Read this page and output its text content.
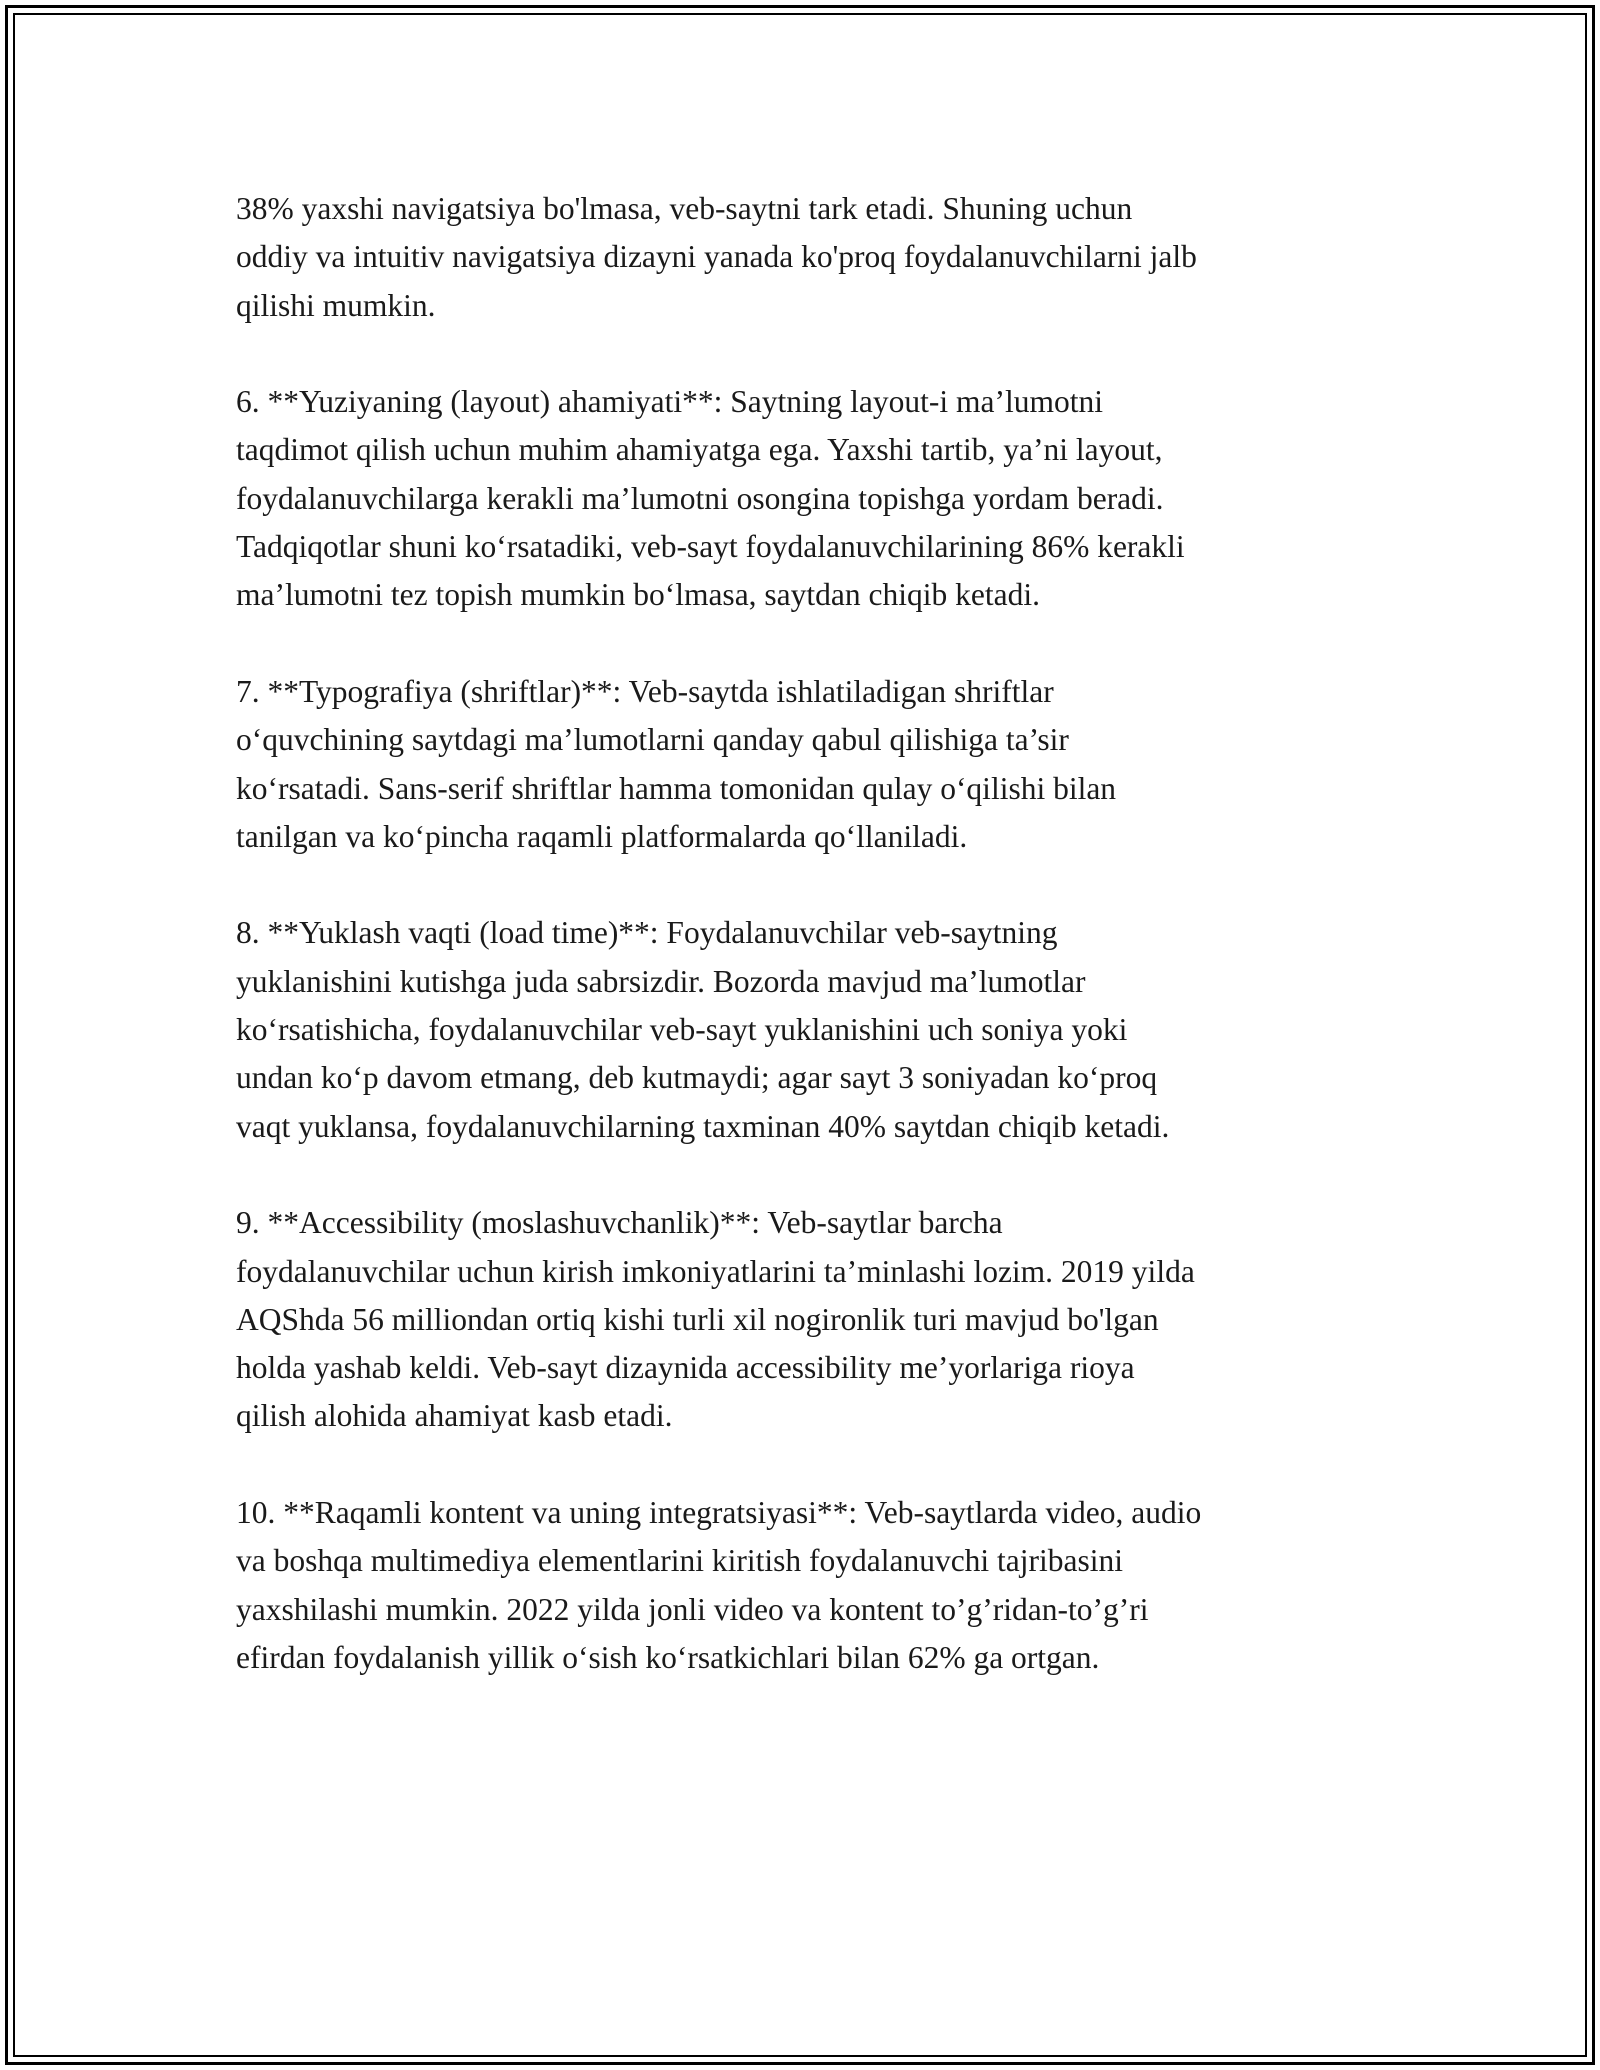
38% yaxshi navigatsiya bo'lmasa, veb-saytni tark etadi. Shuning uchun
oddiy va intuitiv navigatsiya dizayni yanada ko'proq foydalanuvchilarni jalb
qilishi mumkin.

6. **Yuziyaning (layout) ahamiyati**: Saytning layout-i ma’lumotni
taqdimot qilish uchun muhim ahamiyatga ega. Yaxshi tartib, ya’ni layout,
foydalanuvchilarga kerakli ma’lumotni osongina topishga yordam beradi.
Tadqiqotlar shuni koʻrsatadiki, veb-sayt foydalanuvchilarining 86% kerakli
ma’lumotni tez topish mumkin boʻlmasa, saytdan chiqib ketadi.

7. **Typografiya (shriftlar)**: Veb-saytda ishlatiladigan shriftlar
oʻquvchining saytdagi ma’lumotlarni qanday qabul qilishiga ta’sir
koʻrsatadi. Sans-serif shriftlar hamma tomonidan qulay oʻqilishi bilan
tanilgan va koʻpincha raqamli platformalarda qoʻllaniladi.

8. **Yuklash vaqti (load time)**: Foydalanuvchilar veb-saytning
yuklanishini kutishga juda sabrsizdir. Bozorda mavjud ma’lumotlar
koʻrsatishicha, foydalanuvchilar veb-sayt yuklanishini uch soniya yoki
undan koʻp davom etmang, deb kutmaydi; agar sayt 3 soniyadan koʻproq
vaqt yuklansa, foydalanuvchilarning taxminan 40% saytdan chiqib ketadi.

9. **Accessibility (moslashuvchanlik)**: Veb-saytlar barcha
foydalanuvchilar uchun kirish imkoniyatlarini ta’minlashi lozim. 2019 yilda
AQShda 56 milliondan ortiq kishi turli xil nogironlik turi mavjud bo'lgan
holda yashab keldi. Veb-sayt dizaynida accessibility me’yorlariga rioya
qilish alohida ahamiyat kasb etadi.

10. **Raqamli kontent va uning integratsiyasi**: Veb-saytlarda video, audio
va boshqa multimediya elementlarini kiritish foydalanuvchi tajribasini
yaxshilashi mumkin. 2022 yilda jonli video va kontent to’g’ridan-to’g’ri
efirdan foydalanish yillik oʻsish koʻrsatkichlari bilan 62% ga ortgan.
